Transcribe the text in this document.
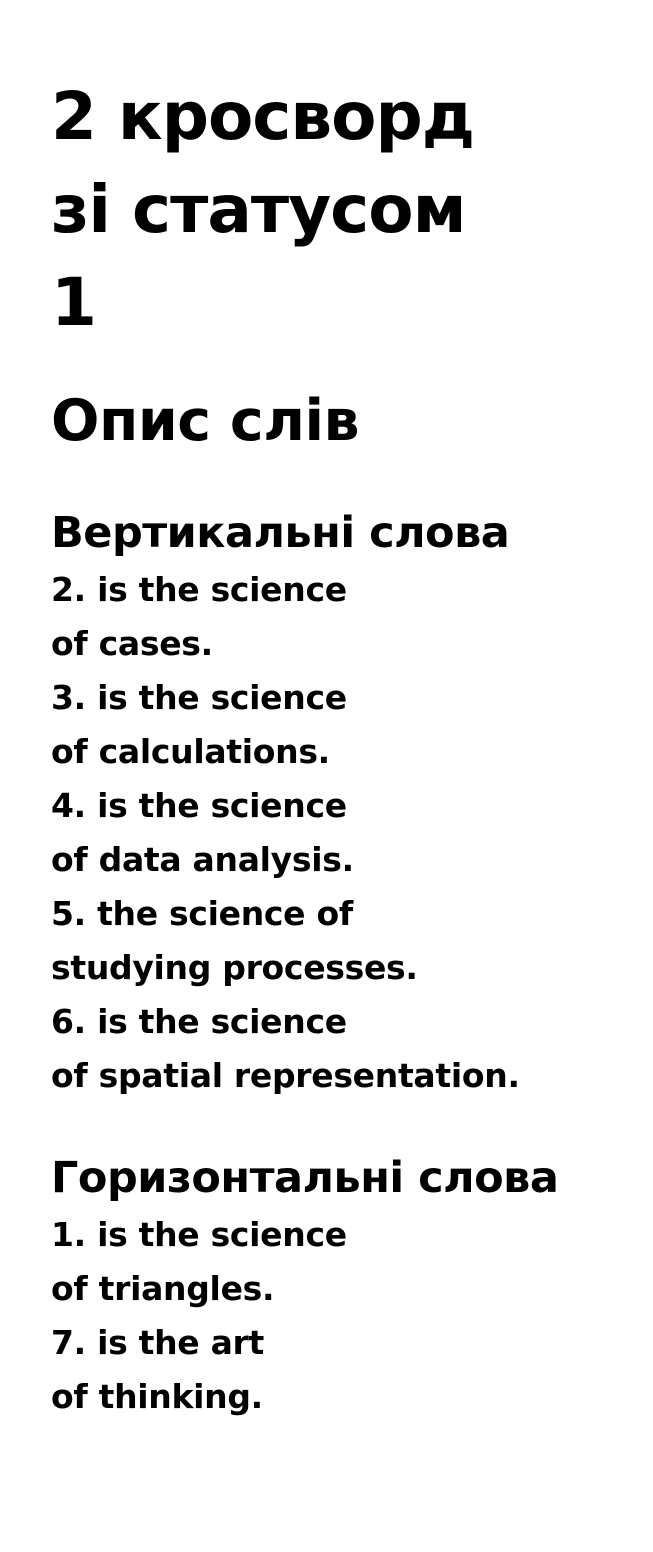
2 кросворд
зі статусом
1
Опис слів
Вертикальні слова
2. is the science
of cases.
3. is the science
of calculations.
4. is the science
of data analysis.
5. the science of
studying processes.
6. is the science
of spatial representation.
Горизонтальні слова
1. is the science
of triangles.
7. is the art
of thinking.
